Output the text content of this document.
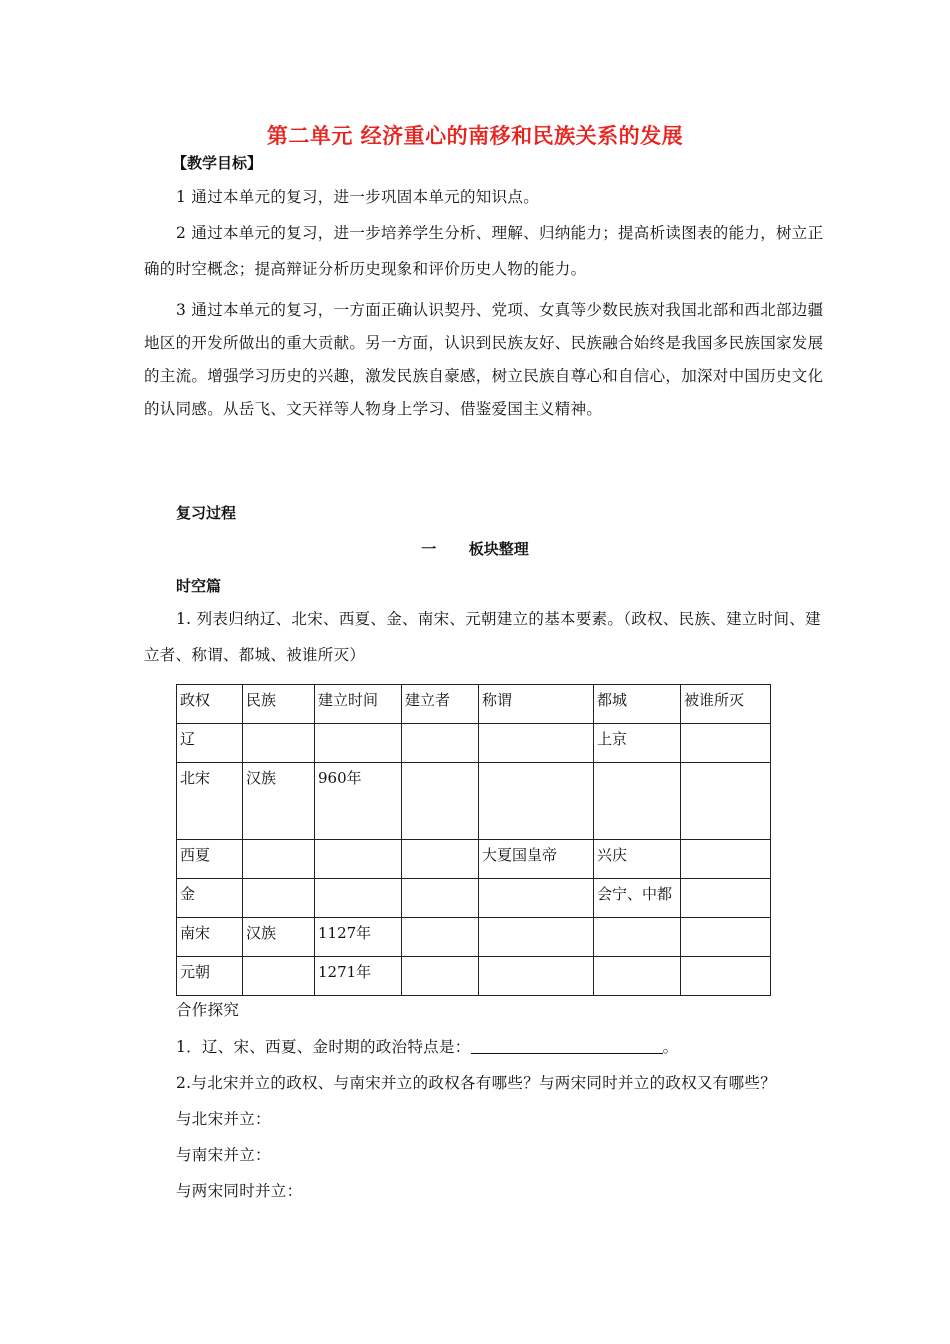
第二单元 经济重心的南移和民族关系的发展
【教学目标】

1 通过本单元的复习，进一步巩固本单元的知识点。

2 通过本单元的复习，进一步培养学生分析、理解、归纳能力；提高析读图表的能力，树立正确的时空概念；提高辩证分析历史现象和评价历史人物的能力。

3 通过本单元的复习，一方面正确认识契丹、党项、女真等少数民族对我国北部和西北部边疆地区的开发所做出的重大贡献。另一方面，认识到民族友好、民族融合始终是我国多民族国家发展的主流。增强学习历史的兴趣，激发民族自豪感，树立民族自尊心和自信心，加深对中国历史文化的认同感。从岳飞、文天祥等人物身上学习、借鉴爱国主义精神。

复习过程
一 板块整理
时空篇

1. 列表归纳辽、北宋、西夏、金、南宋、元朝建立的基本要素。（政权、民族、建立时间、建立者、称谓、都城、被谁所灭）

政权	民族	建立时间	建立者	称谓	都城	被谁所灭
辽					上京	
北宋	汉族	960年				
西夏				大夏国皇帝	兴庆	
金					会宁、中都	
南宋	汉族	1127年				
元朝		1271年				
合作探究
1．辽、宋、西夏、金时期的政治特点是：	。
2.与北宋并立的政权、与南宋并立的政权各有哪些？与两宋同时并立的政权又有哪些？
与北宋并立：
与南宋并立：
与两宋同时并立：
